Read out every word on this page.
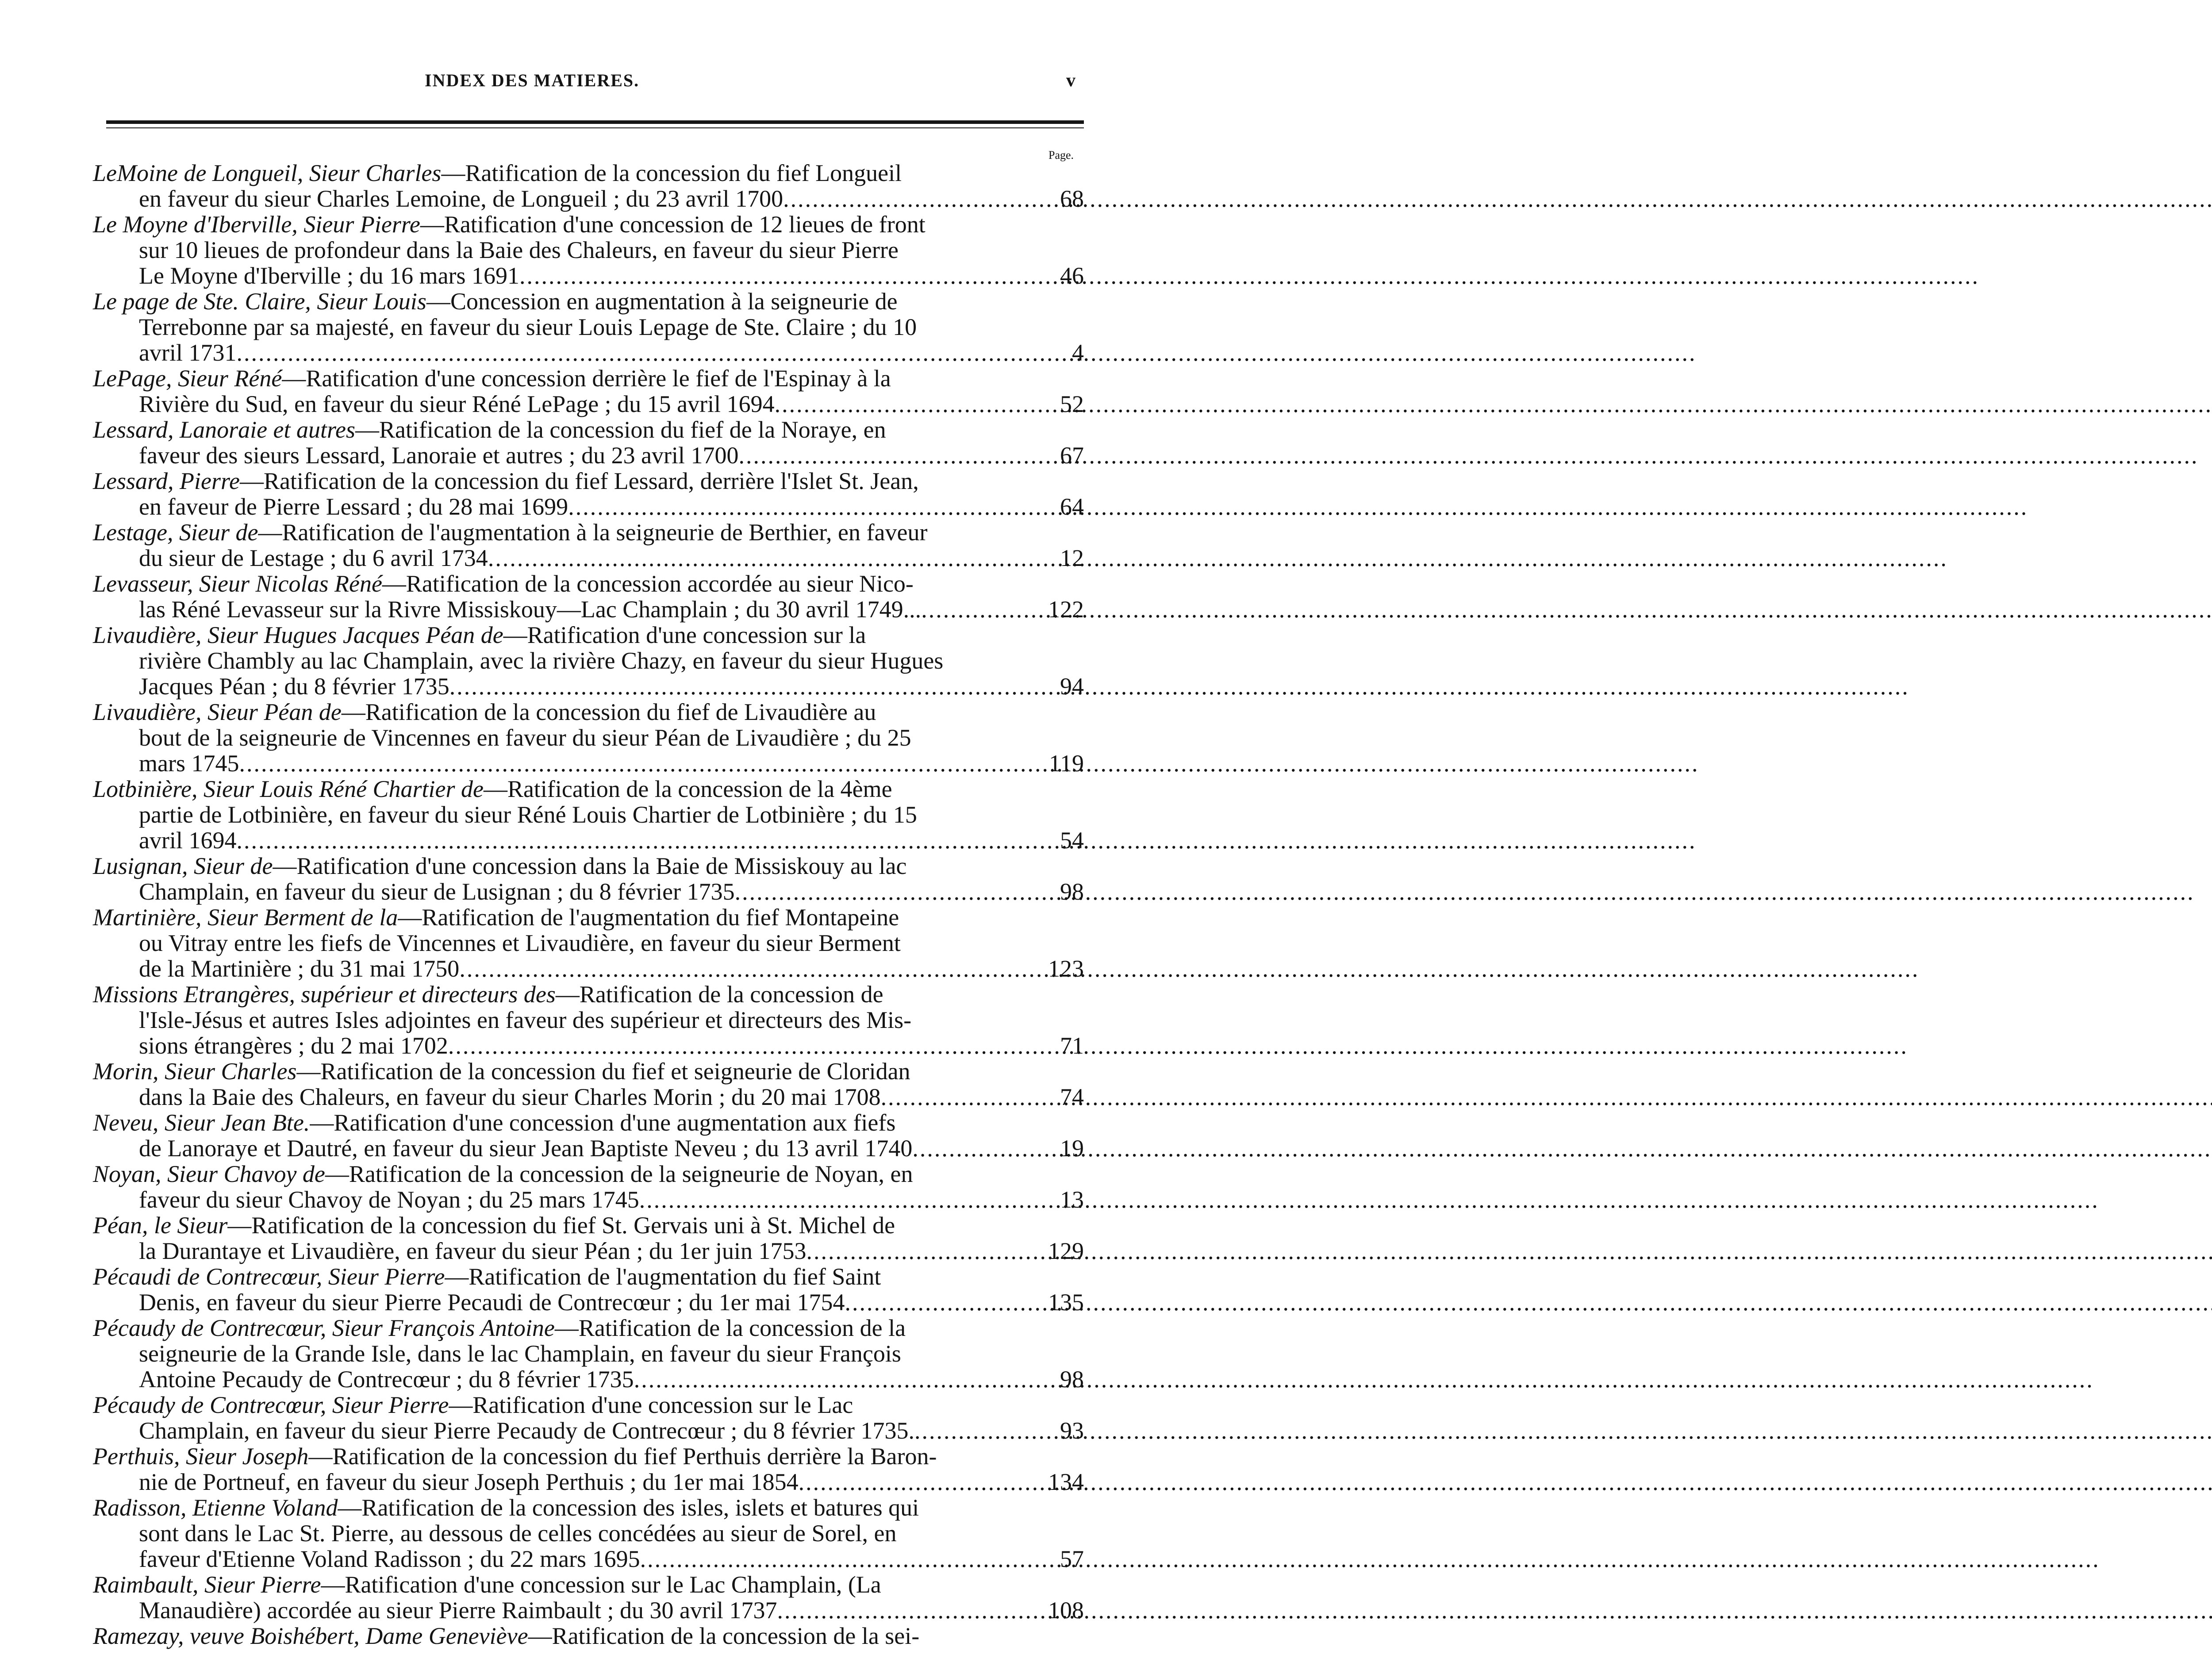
INDEX DES MATIERES.	v
Page.
LeMoine de Longueil, Sieur Charles —Ratification de la concession du fief Longueil
en faveur du sieur Charles Lemoine, de Longueil ; du 23 avril 1700 .....	68
Le Moyne d'Iberville, Sieur Pierre —Ratification d'une concession de 12 lieues de front
sur 10 lieues de profondeur dans la Baie des Chaleurs, en faveur du sieur Pierre
Le Moyne d'Iberville ; du 16 mars 1691 .....	46
Le page de Ste. Claire, Sieur Louis —Concession en augmentation à la seigneurie de
Terrebonne par sa majesté, en faveur du sieur Louis Lepage de Ste. Claire ; du 10
avril 1731 .....	4
LePage, Sieur Réné —Ratification d'une concession derrière le fief de l'Espinay à la
Rivière du Sud, en faveur du sieur Réné LePage ; du 15 avril 1694 .....	52
Lessard, Lanoraie et autres —Ratification de la concession du fief de la Noraye, en
faveur des sieurs Lessard, Lanoraie et autres ; du 23 avril 1700 .....	67
Lessard, Pierre —Ratification de la concession du fief Lessard, derrière l'Islet St. Jean,
en faveur de Pierre Lessard ; du 28 mai 1699 .....	64
Lestage, Sieur de —Ratification de l'augmentation à la seigneurie de Berthier, en faveur
du sieur de Lestage ; du 6 avril 1734 .....	12
Levasseur, Sieur Nicolas Réné —Ratification de la concession accordée au sieur Nico-
las Réné Levasseur sur la Rivre Missiskouy—Lac Champlain ; du 30 avril 1749... .....	122
Livaudière, Sieur Hugues Jacques Péan de —Ratification d'une concession sur la
rivière Chambly au lac Champlain, avec la rivière Chazy, en faveur du sieur Hugues
Jacques Péan ; du 8 février 1735 .....	94
Livaudière, Sieur Péan de —Ratification de la concession du fief de Livaudière au
bout de la seigneurie de Vincennes en faveur du sieur Péan de Livaudière ; du 25
mars 1745 .....	119
Lotbinière, Sieur Louis Réné Chartier de —Ratification de la concession de la 4ème
partie de Lotbinière, en faveur du sieur Réné Louis Chartier de Lotbinière ; du 15
avril 1694 .....	54
Lusignan, Sieur de —Ratification d'une concession dans la Baie de Missiskouy au lac
Champlain, en faveur du sieur de Lusignan ; du 8 février 1735 .....	98
Martinière, Sieur Berment de la —Ratification de l'augmentation du fief Montapeine
ou Vitray entre les fiefs de Vincennes et Livaudière, en faveur du sieur Berment
de la Martinière ; du 31 mai 1750 .....	123
Missions Etrangères, supérieur et directeurs des —Ratification de la concession de
l'Isle-Jésus et autres Isles adjointes en faveur des supérieur et directeurs des Mis-
sions étrangères ; du 2 mai 1702 .....	71
Morin, Sieur Charles —Ratification de la concession du fief et seigneurie de Cloridan
dans la Baie des Chaleurs, en faveur du sieur Charles Morin ; du 20 mai 1708 .....	74
Neveu, Sieur Jean Bte. —Ratification d'une concession d'une augmentation aux fiefs
de Lanoraye et Dautré, en faveur du sieur Jean Baptiste Neveu ; du 13 avril 1740 .....	19
Noyan, Sieur Chavoy de —Ratification de la concession de la seigneurie de Noyan, en
faveur du sieur Chavoy de Noyan ; du 25 mars 1745 .....	13
Péan, le Sieur —Ratification de la concession du fief St. Gervais uni à St. Michel de
la Durantaye et Livaudière, en faveur du sieur Péan ; du 1er juin 1753 .....	129
Pécaudi de Contrecœur, Sieur Pierre —Ratification de l'augmentation du fief Saint
Denis, en faveur du sieur Pierre Pecaudi de Contrecœur ; du 1er mai 1754 .....	135
Pécaudy de Contrecœur, Sieur François Antoine —Ratification de la concession de la
seigneurie de la Grande Isle, dans le lac Champlain, en faveur du sieur François
Antoine Pecaudy de Contrecœur ; du 8 février 1735 .....	98
Pécaudy de Contrecœur, Sieur Pierre —Ratification d'une concession sur le Lac
Champlain, en faveur du sieur Pierre Pecaudy de Contrecœur ; du 8 février 1735. .....	93
Perthuis, Sieur Joseph —Ratification de la concession du fief Perthuis derrière la Baron-
nie de Portneuf, en faveur du sieur Joseph Perthuis ; du 1er mai 1854 .....	134
Radisson, Etienne Voland —Ratification de la concession des isles, islets et batures qui
sont dans le Lac St. Pierre, au dessous de celles concédées au sieur de Sorel, en
faveur d'Etienne Voland Radisson ; du 22 mars 1695 .....	57
Raimbault, Sieur Pierre —Ratification d'une concession sur le Lac Champlain, (La
Manaudière) accordée au sieur Pierre Raimbault ; du 30 avril 1737 .....	108
Ramezay, veuve Boishébert, Dame Geneviève —Ratification de la concession de la sei-
